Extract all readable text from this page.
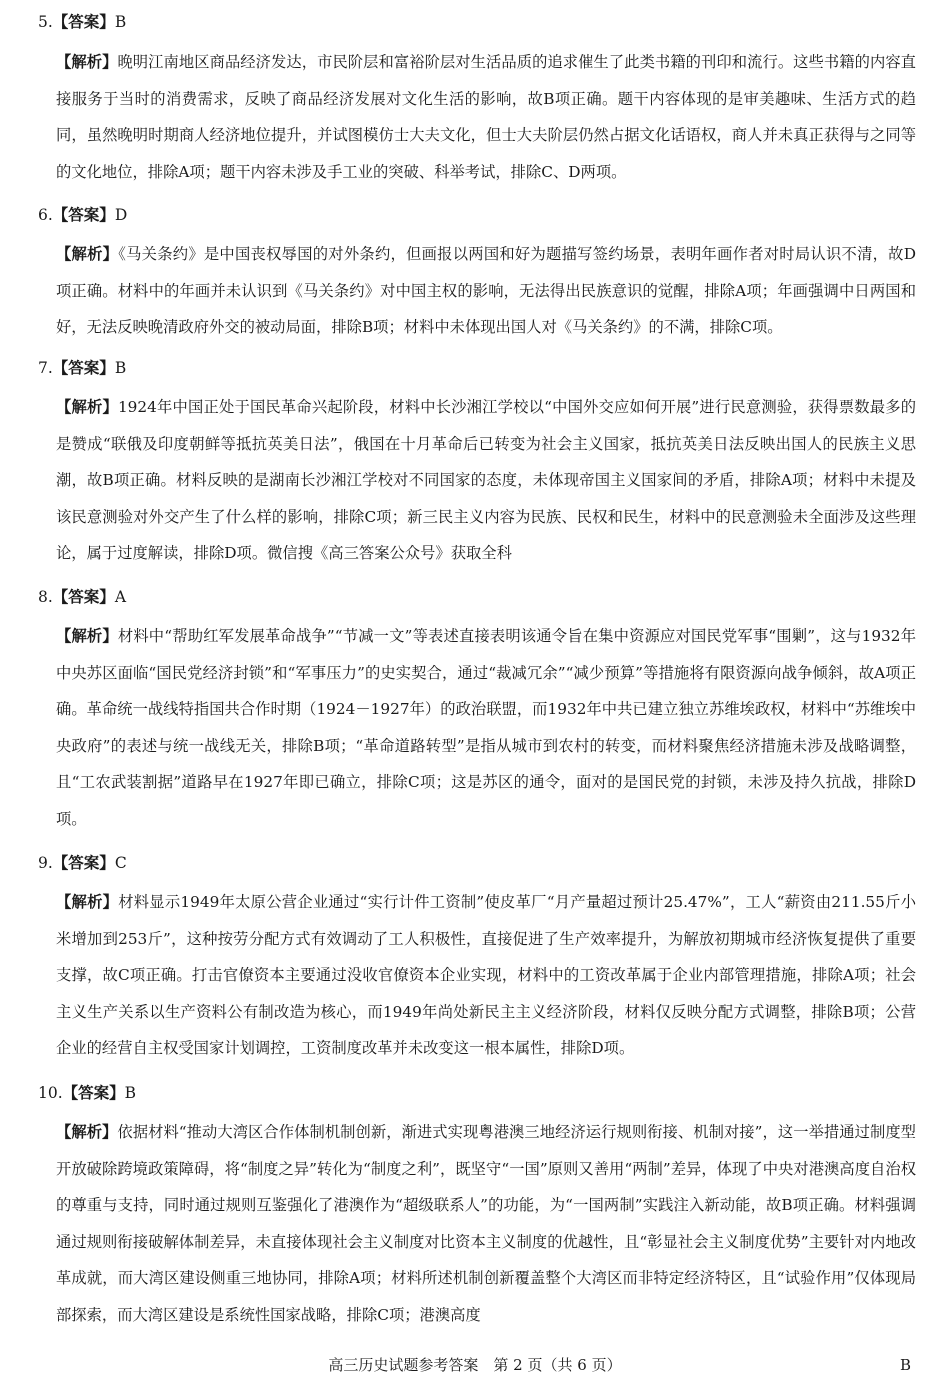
5.【答案】B
【解析】晚明江南地区商品经济发达，市民阶层和富裕阶层对生活品质的追求催生了此类书籍的刊印和流行。这些书籍的内容直接服务于当时的消费需求，反映了商品经济发展对文化生活的影响，故B项正确。题干内容体现的是审美趣味、生活方式的趋同，虽然晚明时期商人经济地位提升，并试图模仿士大夫文化，但士大夫阶层仍然占据文化话语权，商人并未真正获得与之同等的文化地位，排除A项；题干内容未涉及手工业的突破、科举考试，排除C、D两项。
6.【答案】D
【解析】《马关条约》是中国丧权辱国的对外条约，但画报以两国和好为题描写签约场景，表明年画作者对时局认识不清，故D项正确。材料中的年画并未认识到《马关条约》对中国主权的影响，无法得出民族意识的觉醒，排除A项；年画强调中日两国和好，无法反映晚清政府外交的被动局面，排除B项；材料中未体现出国人对《马关条约》的不满，排除C项。
7.【答案】B
【解析】1924年中国正处于国民革命兴起阶段，材料中长沙湘江学校以“中国外交应如何开展”进行民意测验，获得票数最多的是赞成“联俄及印度朝鲜等抵抗英美日法”，俄国在十月革命后已转变为社会主义国家，抵抗英美日法反映出国人的民族主义思潮，故B项正确。材料反映的是湖南长沙湘江学校对不同国家的态度，未体现帝国主义国家间的矛盾，排除A项；材料中未提及该民意测验对外交产生了什么样的影响，排除C项；新三民主义内容为民族、民权和民生，材料中的民意测验未全面涉及这些理论，属于过度解读，排除D项。微信搜《高三答案公众号》获取全科
8.【答案】A
【解析】材料中“帮助红军发展革命战争”“节减一文”等表述直接表明该通令旨在集中资源应对国民党军事“围剿”，这与1932年中央苏区面临“国民党经济封锁”和“军事压力”的史实契合，通过“裁减冗余”“减少预算”等措施将有限资源向战争倾斜，故A项正确。革命统一战线特指国共合作时期（1924－1927年）的政治联盟，而1932年中共已建立独立苏维埃政权，材料中“苏维埃中央政府”的表述与统一战线无关，排除B项；“革命道路转型”是指从城市到农村的转变，而材料聚焦经济措施未涉及战略调整，且“工农武装割据”道路早在1927年即已确立，排除C项；这是苏区的通令，面对的是国民党的封锁，未涉及持久抗战，排除D项。
9.【答案】C
【解析】材料显示1949年太原公营企业通过“实行计件工资制”使皮革厂“月产量超过预计25.47%”，工人“薪资由211.55斤小米增加到253斤”，这种按劳分配方式有效调动了工人积极性，直接促进了生产效率提升，为解放初期城市经济恢复提供了重要支撑，故C项正确。打击官僚资本主要通过没收官僚资本企业实现，材料中的工资改革属于企业内部管理措施，排除A项；社会主义生产关系以生产资料公有制改造为核心，而1949年尚处新民主主义经济阶段，材料仅反映分配方式调整，排除B项；公营企业的经营自主权受国家计划调控，工资制度改革并未改变这一根本属性，排除D项。
10.【答案】B
【解析】依据材料“推动大湾区合作体制机制创新，渐进式实现粤港澳三地经济运行规则衔接、机制对接”，这一举措通过制度型开放破除跨境政策障碍，将“制度之异”转化为“制度之利”，既坚守“一国”原则又善用“两制”差异，体现了中央对港澳高度自治权的尊重与支持，同时通过规则互鉴强化了港澳作为“超级联系人”的功能，为“一国两制”实践注入新动能，故B项正确。材料强调通过规则衔接破解体制差异，未直接体现社会主义制度对比资本主义制度的优越性，且“彰显社会主义制度优势”主要针对内地改革成就，而大湾区建设侧重三地协同，排除A项；材料所述机制创新覆盖整个大湾区而非特定经济特区，且“试验作用”仅体现局部探索，而大湾区建设是系统性国家战略，排除C项；港澳高度
高三历史试题参考答案　第 2 页（共 6 页）	B
